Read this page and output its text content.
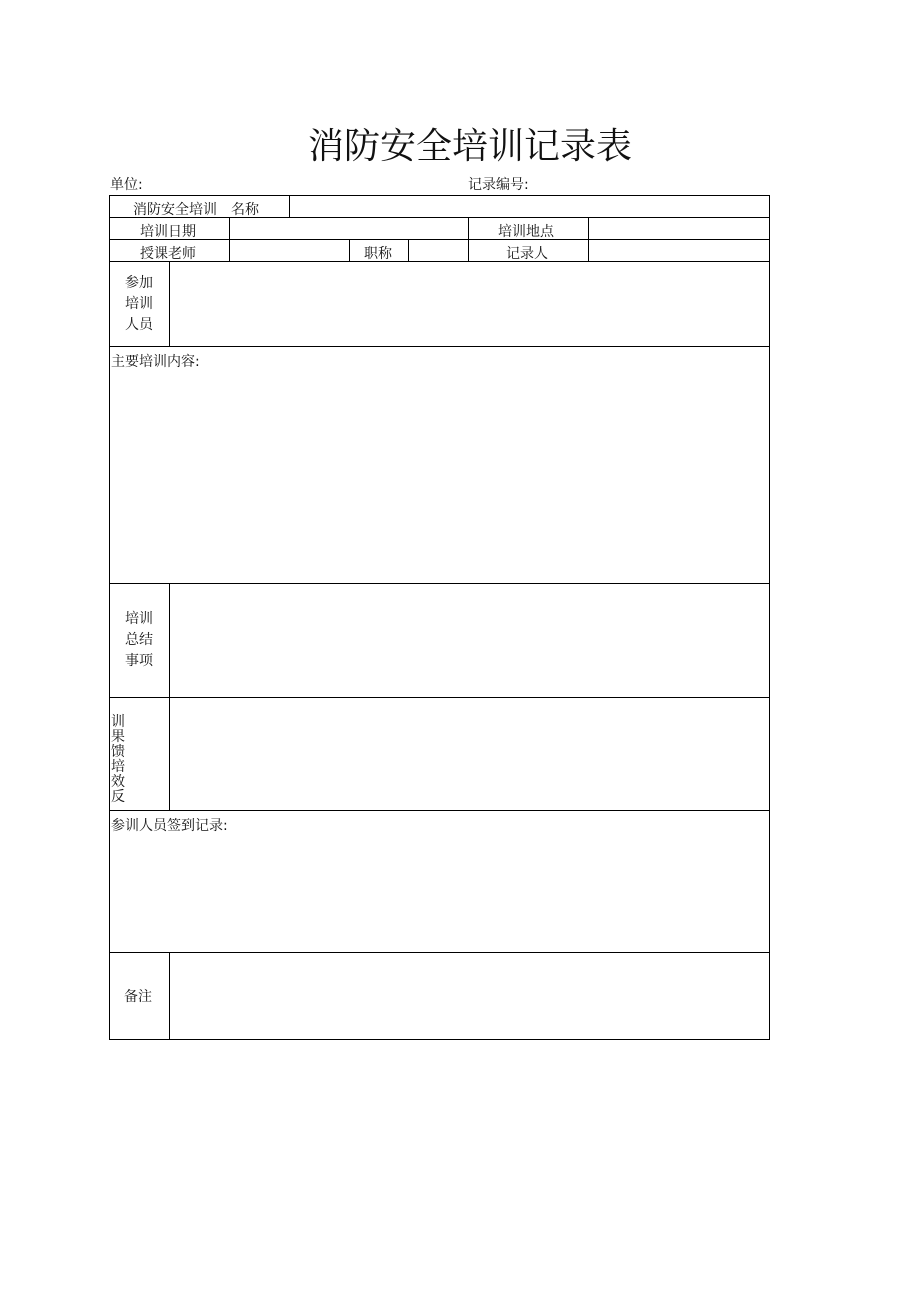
消防安全培训记录表
单位:	记录编号:
消防安全培训 名称
培训日期	培训地点
授课老师	职称	记录人
参加
培训
人员
主要培训内容:
培训
总结
事项
训
果
馈
培
效
反
参训人员签到记录:
备注
